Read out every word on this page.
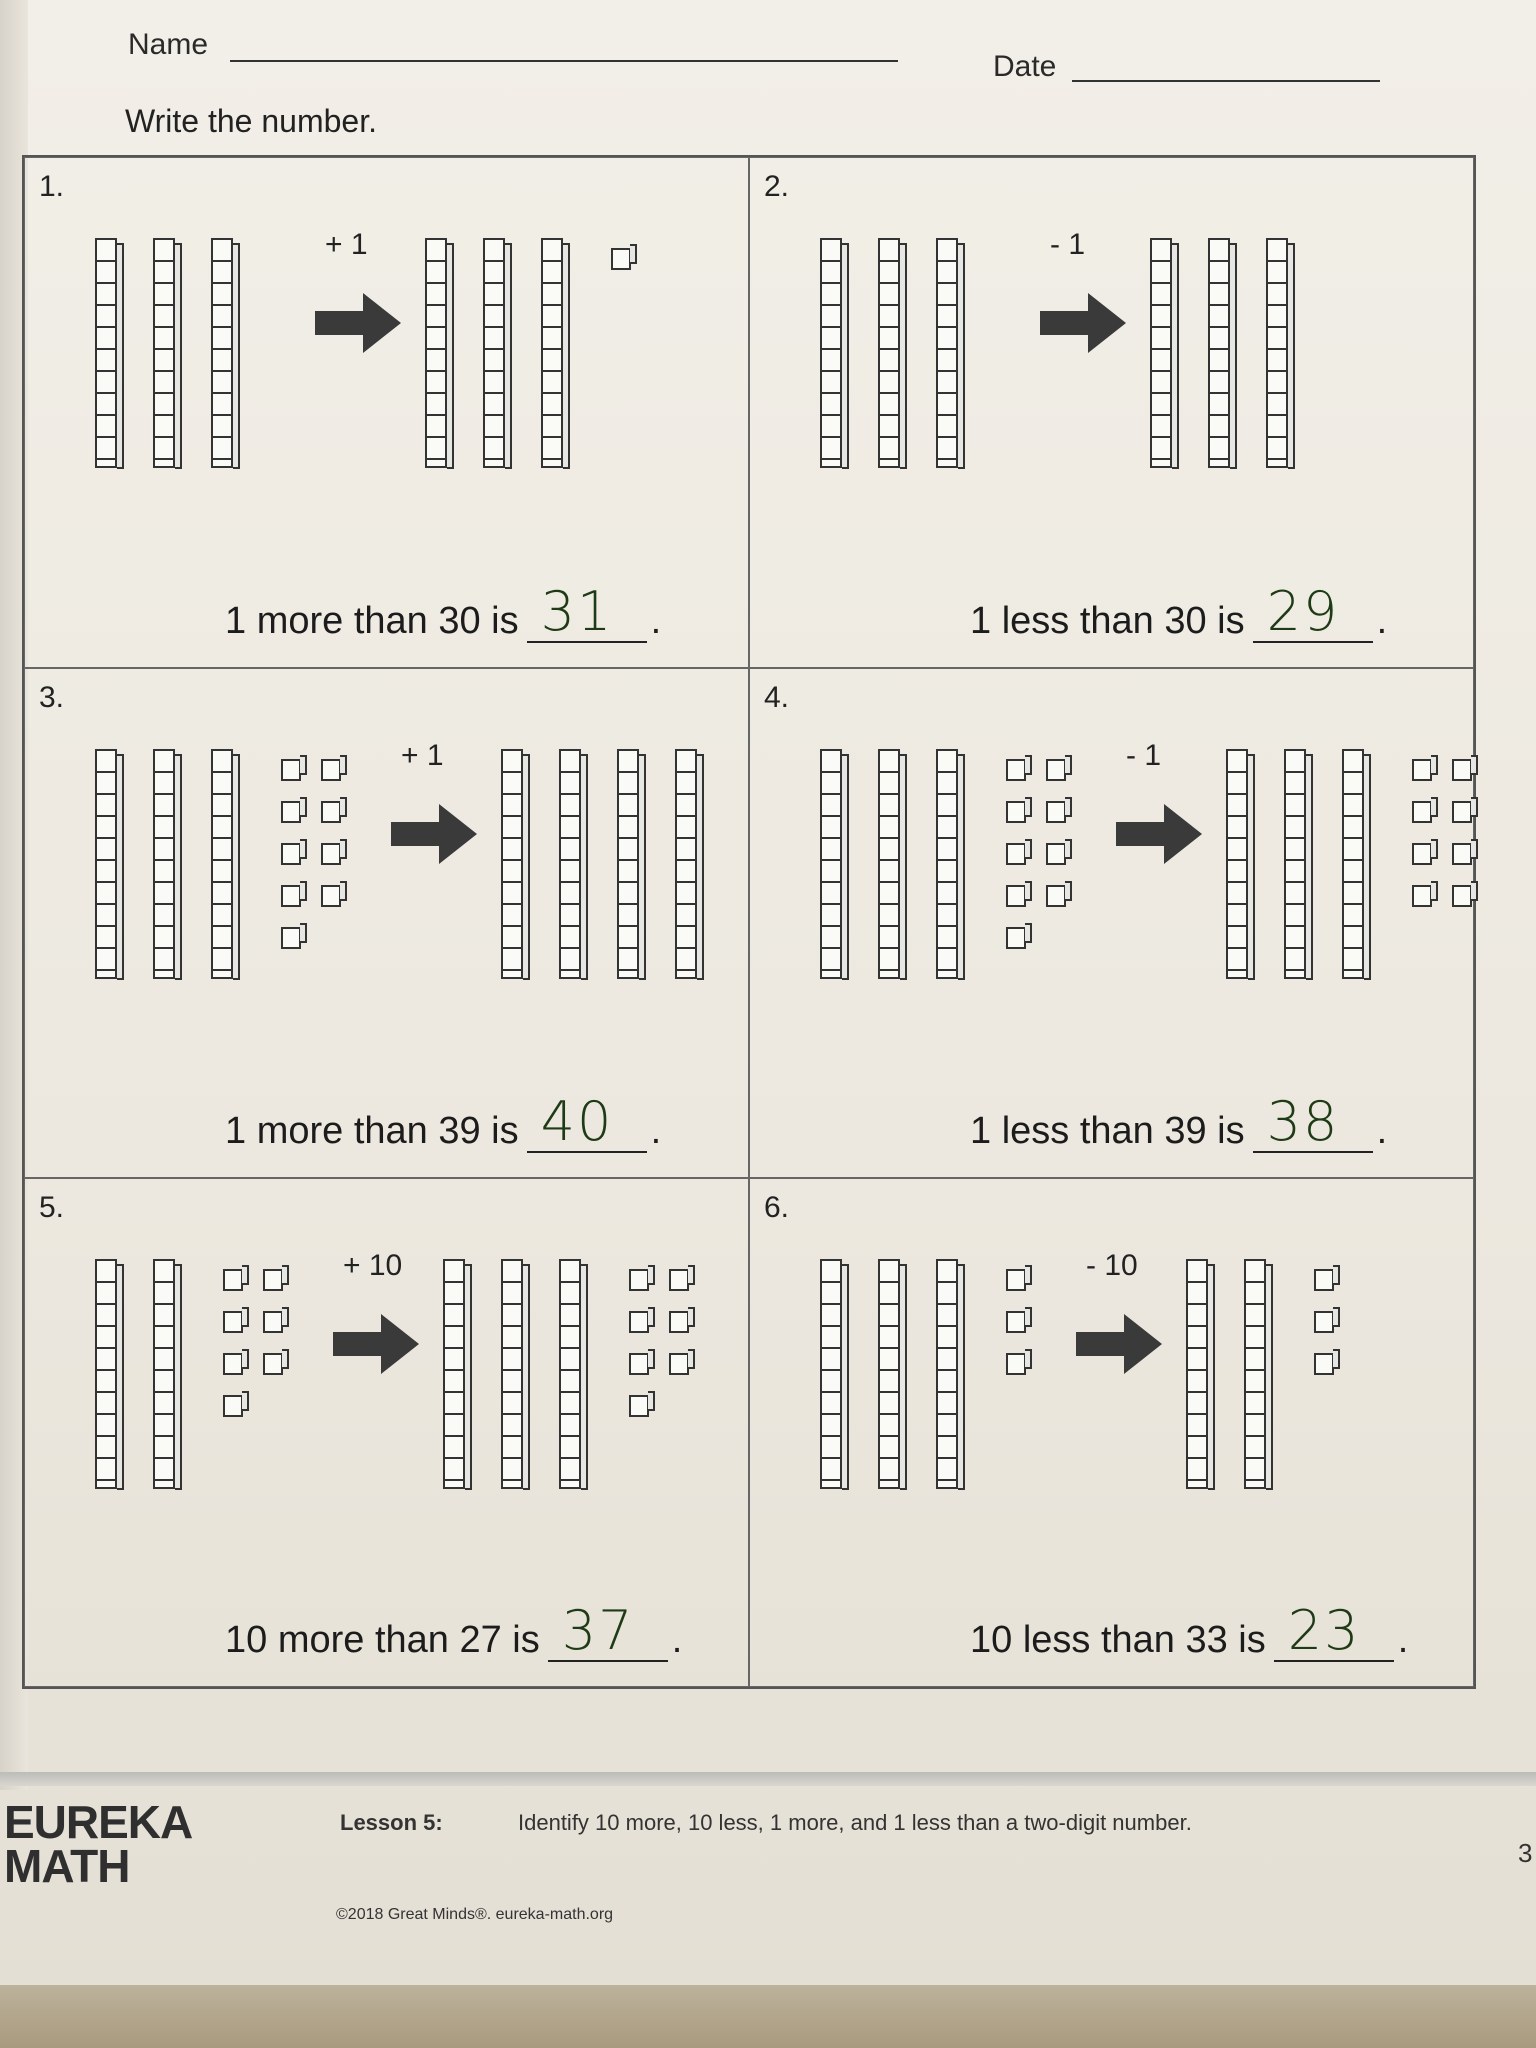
Name
Date
Write the number.
1.
+ 1
1 more than 30 is 31 .
2.
- 1
1 less than 30 is 29 .
3.
+ 1
1 more than 39 is 40 .
4.
- 1
1 less than 39 is 38 .
5.
+ 10
10 more than 27 is 37 .
6.
- 10
10 less than 33 is 23 .
EUREKA
MATH
Lesson 5:	Identify 10 more, 10 less, 1 more, and 1 less than a two-digit number.
3
©2018 Great Minds®. eureka-math.org
